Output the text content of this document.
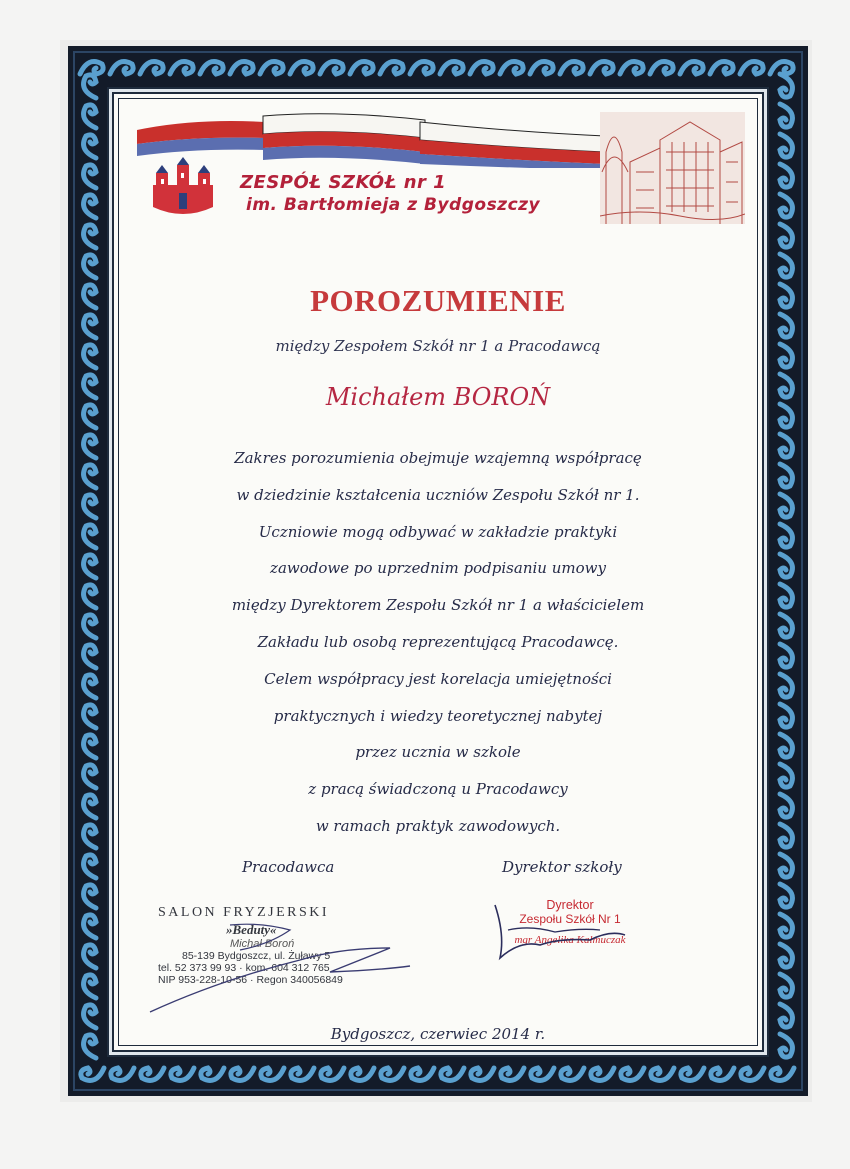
ZESPÓŁ SZKÓŁ nr 1

im. Bartłomieja z Bydgoszczy
POROZUMIENIE
między Zespołem Szkół nr 1 a Pracodawcą
Michałem BOROŃ
Zakres porozumienia obejmuje wzajemną współpracę
w dziedzinie kształcenia uczniów Zespołu Szkół nr 1.
Uczniowie mogą odbywać w zakładzie praktyki
zawodowe po uprzednim podpisaniu umowy
między Dyrektorem Zespołu Szkół nr 1 a właścicielem
Zakładu lub osobą reprezentującą Pracodawcę.
Celem współpracy jest korelacja umiejętności
praktycznych i wiedzy teoretycznej nabytej
przez ucznia w szkole
z pracą świadczoną u Pracodawcy
w ramach praktyk zawodowych.
Pracodawca	Dyrektor szkoły
SALON FRYZJERSKI
»Beduty«
Michał Boroń
85-139 Bydgoszcz, ul. Żuławy 5
tel. 52 373 99 93 · kom. 604 312 765
NIP 953-228-10-56 · Regon 340056849
Dyrektor
Zespołu Szkół Nr 1
mgr Angelika Kałmuczak
Bydgoszcz, czerwiec 2014 r.
